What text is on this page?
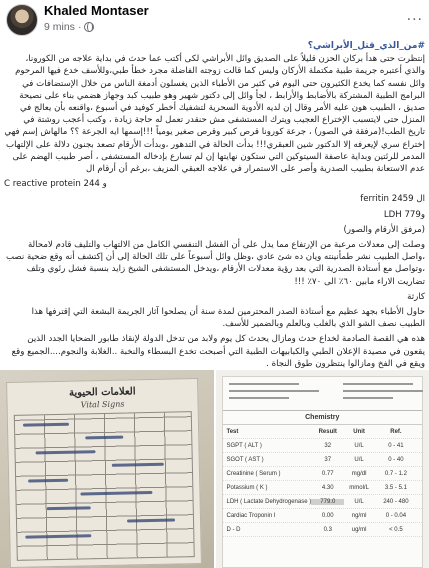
Khaled Montaser
9 mins ·	···
#من_الذي_قتل_الأبراشي؟

إنتظرت حتى هدأ بركان الحزن قليلاً على الصديق وائل الأبراشي لكى أكتب عما حدث في بداية علاجه من الكورونا، والذي أعتبره جريمة طبية مكتملة الأركان وليس كما قالت زوجته الفاضلة مجرد خطأ طبي،وللأسف خدع فيها المرحوم وائل نفسه كما يخدع الكثيرون حتى اليوم في كثير من الأطباء الذين يغسلون أدمغة الناس من خلال الإستضافات في البرامج الطبية المشتركة بالأضابط والأرابط ، لجأ وائل إلى دكتور شهير وهو طبيب كبد وجهاز هضمي بناء على نصيحة صديق ، الطبيب هون عليه الأمر وقال إن لديه الأدوية السحرية لتشفيك أخطر كوفيد في أسبوع ،واقنعه بأن يعالج في المنزل حتى لايتسبب الإختراع العجيب ويترك المستشفى مش حنقدر تعمل له حاجة زيادة ، وكتب أعجب روشتة في تاريخ الطب!(مرفقة في الصور) ، جرعة كورونا قرص كبير وقرص صغير يومياً !!!إسمها ايه الجرعة ؟؟ مالهاش إسم فهي إختراع سري لإيعرفه إلا الدكتور شين العبقري!!! بدأت الحالة في التدهور ،وبدأت الأرقام تصعد بجنون دلالة على الإلتهاب المدمر للرئتين وبداية عاصفة السيتوكين التي ستكون نهايتها إن لم تسارع بإدخاله المستشفى ، أصر طبيب الهضم على عدم الاستعانة بطبيب الصدرية وأصر على الاستمرار في علاجه العبقي المزيف ،برغم أن أرقام ال

C reactive protein 244 و

ferritin ال 2459

LDH و779

(مرفق الأرقام والصور)

وصلت إلى معدلات مرعبة من الإرتفاع مما يدل على أن الفشل التنفسي الكامل من الالتهاب والتليف قادم لامحالة ،واصل الطبيب نشر طمأنينته ويان ده شئ عادي ،وظل وائل أسبوعاً على تلك الحالة إلى أن إكتشف أنه وقع ضحية نصب ،وتواصل مع أستاذة الصدرية التي بعد رؤية معدلات الأرقام ،ويدخل المستشفى الشيخ زايد بنسبة فشل رئوي وتلف تضاريت الاراء مابين ٦٠٪ الى ٧٠٪ !!!

كارثة

حاول الأطباء بجهد عظيم مع أستاذة الصدر المحترمين لمدة سنة أن يصلحوا آثار الجريمة البشعة التي إقترفها هذا الطبيب نصف الشو الذي بالغلب وبالعلم وبالضمير للأسف.

هذه هي القصة الصادمة لخداع حدث ومازال يحدث كل يوم ولابد من تدخل الدولة لإنقاذ طابور الضحايا الجدد الذين يقعون في مصيدة الإعلان الطبي والكبابيهات الطبية التي أصبحت تخدع البسطاء والنخبة ..الغلابة والنجوم....الجميع وقع ويقع في الفخ ومازالوا ينتظرون طوق النجاة .

العلامات الحيوية
Vital Signs
Chemistry
Test	Result	Unit	Ref.
SGPT ( ALT )	32	U/L	0 - 41
SGOT ( AST )	37	U/L	0 - 40
Creatinine ( Serum )	0.77	mg/dl	0.7 - 1.2
Potassium ( K )	4.30	mmol/L	3.5 - 5.1
LDH ( Lactate Dehydrogenase )	779.0	U/L	240 - 480
Cardiac Troponin I	0.00	ng/ml	0 - 0.04
D - D	0.3	ug/ml	< 0.5
